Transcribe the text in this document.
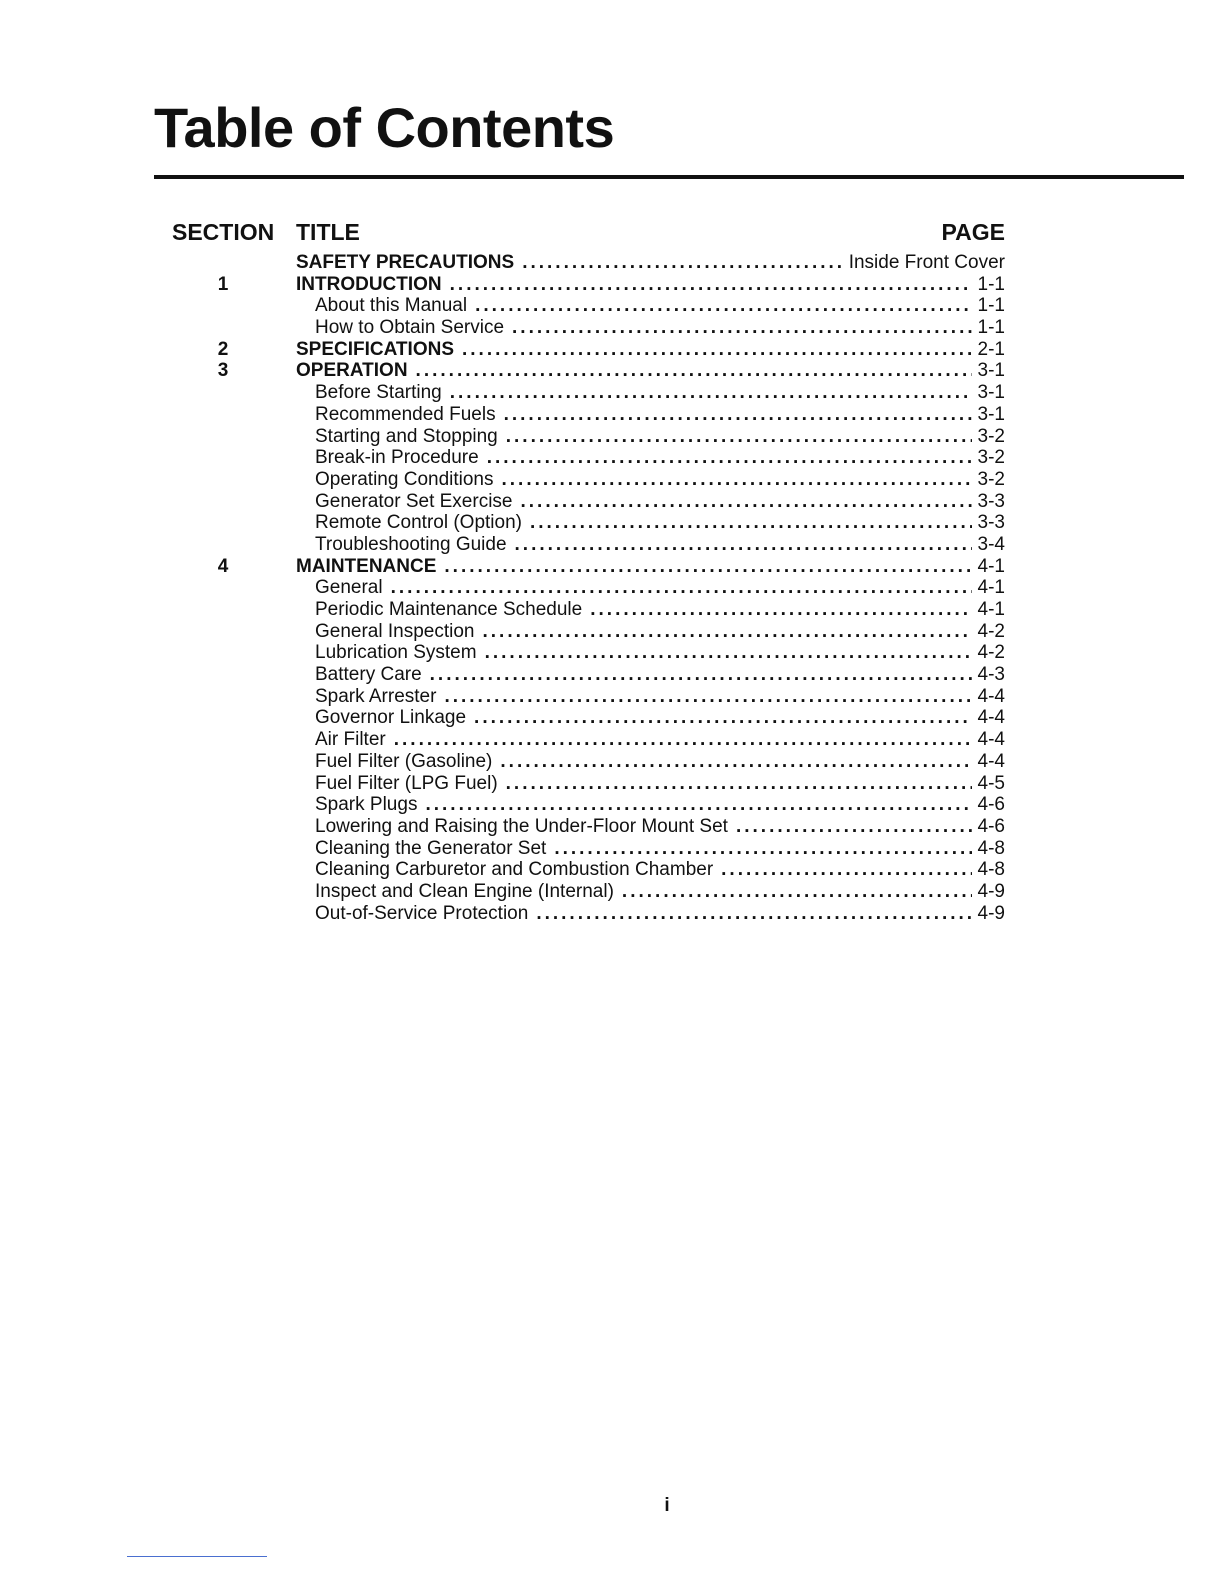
Table of Contents
SECTION TITLE	PAGE
SAFETY PRECAUTIONS .....	Inside Front Cover
1	INTRODUCTION .....	1-1
About this Manual .....	1-1
How to Obtain Service .....	1-1
2	SPECIFICATIONS .....	2-1
3	OPERATION .....	3-1
Before Starting .....	3-1
Recommended Fuels .....	3-1
Starting and Stopping .....	3-2
Break-in Procedure .....	3-2
Operating Conditions .....	3-2
Generator Set Exercise .....	3-3
Remote Control (Option) .....	3-3
Troubleshooting Guide .....	3-4
4	MAINTENANCE .....	4-1
General .....	4-1
Periodic Maintenance Schedule .....	4-1
General Inspection .....	4-2
Lubrication System .....	4-2
Battery Care .....	4-3
Spark Arrester .....	4-4
Governor Linkage .....	4-4
Air Filter .....	4-4
Fuel Filter (Gasoline) .....	4-4
Fuel Filter (LPG Fuel) .....	4-5
Spark Plugs .....	4-6
Lowering and Raising the Under-Floor Mount Set .....	4-6
Cleaning the Generator Set .....	4-8
Cleaning Carburetor and Combustion Chamber .....	4-8
Inspect and Clean Engine (Internal) .....	4-9
Out-of-Service Protection .....	4-9
i
